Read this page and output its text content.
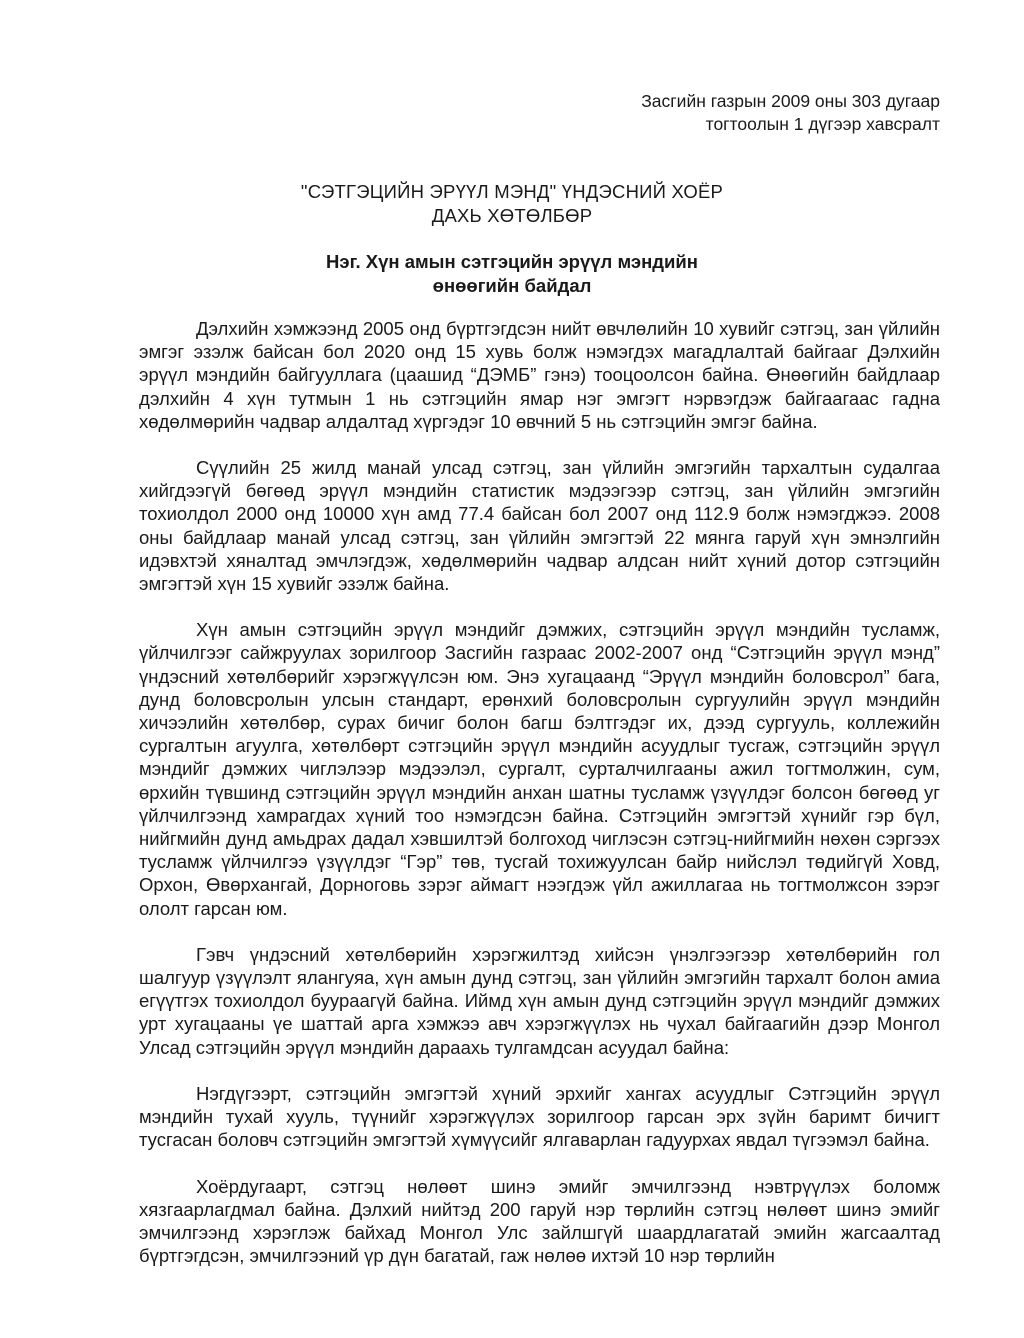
Засгийн газрын 2009 оны 303 дугаар
тогтоолын 1 дүгээр хавсралт
"СЭТГЭЦИЙН ЭРҮҮЛ МЭНД" ҮНДЭСНИЙ ХОЁР
ДАХЬ ХӨТӨЛБӨР
Нэг. Хүн амын сэтгэцийн эрүүл мэндийн
өнөөгийн байдал

Дэлхийн хэмжээнд 2005 онд бүртгэгдсэн нийт өвчлөлийн 10 хувийг сэтгэц, зан үйлийн эмгэг эзэлж байсан бол 2020 онд 15 хувь болж нэмэгдэх магадлалтай байгааг Дэлхийн эрүүл мэндийн байгууллага (цаашид “ДЭМБ” гэнэ) тооцоолсон байна. Өнөөгийн байдлаар дэлхийн 4 хүн тутмын 1 нь сэтгэцийн ямар нэг эмгэгт нэрвэгдэж байгаагаас гадна хөдөлмөрийн чадвар алдалтад хүргэдэг 10 өвчний 5 нь сэтгэцийн эмгэг байна.

Сүүлийн 25 жилд манай улсад сэтгэц, зан үйлийн эмгэгийн тархалтын судалгаа хийгдээгүй бөгөөд эрүүл мэндийн статистик мэдээгээр сэтгэц, зан үйлийн эмгэгийн тохиолдол 2000 онд 10000 хүн амд 77.4 байсан бол 2007 онд 112.9 болж нэмэгджээ. 2008 оны байдлаар манай улсад сэтгэц, зан үйлийн эмгэгтэй 22 мянга гаруй хүн эмнэлгийн идэвхтэй хяналтад эмчлэгдэж, хөдөлмөрийн чадвар алдсан нийт хүний дотор сэтгэцийн эмгэгтэй хүн 15 хувийг эзэлж байна.

Хүн амын сэтгэцийн эрүүл мэндийг дэмжих, сэтгэцийн эрүүл мэндийн тусламж, үйлчилгээг сайжруулах зорилгоор Засгийн газраас 2002-2007 онд “Сэтгэцийн эрүүл мэнд” үндэсний хөтөлбөрийг хэрэгжүүлсэн юм. Энэ хугацаанд “Эрүүл мэндийн боловсрол” бага, дунд боловсролын улсын стандарт, ерөнхий боловсролын сургуулийн эрүүл мэндийн хичээлийн хөтөлбөр, сурах бичиг болон багш бэлтгэдэг их, дээд сургууль, коллежийн сургалтын агуулга, хөтөлбөрт сэтгэцийн эрүүл мэндийн асуудлыг тусгаж, сэтгэцийн эрүүл мэндийг дэмжих чиглэлээр мэдээлэл, сургалт, сурталчилгааны ажил тогтмолжин, сум, өрхийн түвшинд сэтгэцийн эрүүл мэндийн анхан шатны тусламж үзүүлдэг болсон бөгөөд уг үйлчилгээнд хамрагдах хүний тоо нэмэгдсэн байна. Сэтгэцийн эмгэгтэй хүнийг гэр бүл, нийгмийн дунд амьдрах дадал хэвшилтэй болгоход чиглэсэн сэтгэц-нийгмийн нөхөн сэргээх тусламж үйлчилгээ үзүүлдэг “Гэр” төв, тусгай тохижуулсан байр нийслэл төдийгүй Ховд, Орхон, Өвөрхангай, Дорноговь зэрэг аймагт нээгдэж үйл ажиллагаа нь тогтмолжсон зэрэг ололт гарсан юм.

Гэвч үндэсний хөтөлбөрийн хэрэгжилтэд хийсэн үнэлгээгээр хөтөлбөрийн гол шалгуур үзүүлэлт ялангуяа, хүн амын дунд сэтгэц, зан үйлийн эмгэгийн тархалт болон амиа егүүтгэх тохиолдол буураагүй байна. Иймд хүн амын дунд сэтгэцийн эрүүл мэндийг дэмжих урт хугацааны үе шаттай арга хэмжээ авч хэрэгжүүлэх нь чухал байгаагийн дээр Монгол Улсад сэтгэцийн эрүүл мэндийн дараахь тулгамдсан асуудал байна:

Нэгдүгээрт, сэтгэцийн эмгэгтэй хүний эрхийг хангах асуудлыг Сэтгэцийн эрүүл мэндийн тухай хууль, түүнийг хэрэгжүүлэх зорилгоор гарсан эрх зүйн баримт бичигт тусгасан боловч сэтгэцийн эмгэгтэй хүмүүсийг ялгаварлан гадуурхах явдал түгээмэл байна.

Хоёрдугаарт, сэтгэц нөлөөт шинэ эмийг эмчилгээнд нэвтрүүлэх боломж хязгаарлагдмал байна. Дэлхий нийтэд 200 гаруй нэр төрлийн сэтгэц нөлөөт шинэ эмийг эмчилгээнд хэрэглэж байхад Монгол Улс зайлшгүй шаардлагатай эмийн жагсаалтад бүртгэгдсэн, эмчилгээний үр дүн багатай, гаж нөлөө ихтэй 10 нэр төрлийн
